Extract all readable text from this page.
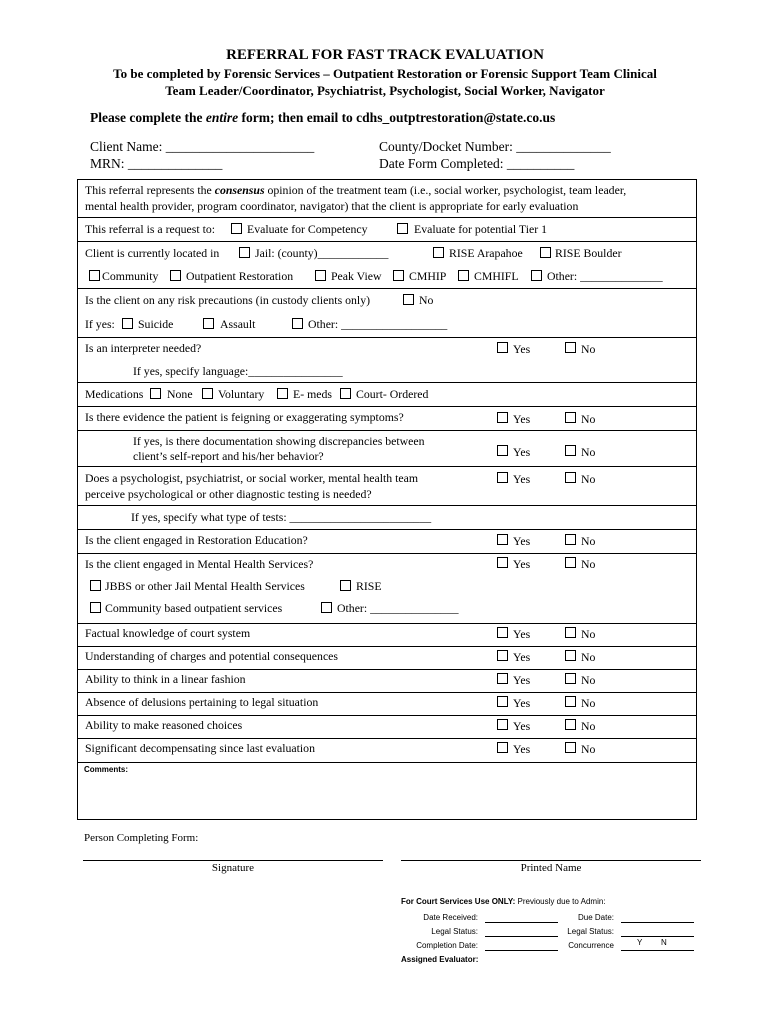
REFERRAL FOR FAST TRACK EVALUATION
To be completed by Forensic Services – Outpatient Restoration or Forensic Support Team Clinical
Team Leader/Coordinator, Psychiatrist, Psychologist, Social Worker, Navigator
Please complete the entire form; then email to cdhs_outptrestoration@state.co.us
Client Name: ______________________
MRN: ______________
County/Docket Number: ______________
Date Form Completed: __________
This referral represents the consensus opinion of the treatment team (i.e., social worker, psychologist, team leader,
mental health provider, program coordinator, navigator) that the client is appropriate for early evaluation
This referral is a request to:	Evaluate for Competency	Evaluate for potential Tier 1
Client is currently located in	Jail: (county)____________	RISE Arapahoe	RISE Boulder
Community Outpatient Restoration	Peak View CMHIP CMHIFL Other: ______________
Is the client on any risk precautions (in custody clients only)	No
If yes: Suicide	Assault	Other: __________________
Is an interpreter needed?	Yes	No
If yes, specify language:________________
Medications None Voluntary E- meds Court- Ordered
Is there evidence the patient is feigning or exaggerating symptoms?	Yes	No
If yes, is there documentation showing discrepancies between
client’s self-report and his/her behavior?	Yes	No
Does a psychologist, psychiatrist, or social worker, mental health team
perceive psychological or other diagnostic testing is needed?
Yes	No
If yes, specify what type of tests: ________________________
Is the client engaged in Restoration Education?	Yes	No
Is the client engaged in Mental Health Services?	Yes	No
JBBS or other Jail Mental Health Services	RISE
Community based outpatient services	Other: _______________
Factual knowledge of court system	Yes	No
Understanding of charges and potential consequences	Yes	No
Ability to think in a linear fashion	Yes	No
Absence of delusions pertaining to legal situation	Yes	No
Ability to make reasoned choices	Yes	No
Significant decompensating since last evaluation	Yes	No
Comments:
Person Completing Form:
Signature	Printed Name
For Court Services Use ONLY: Previously due to Admin:
Date Received:
Legal Status:
Completion Date:
Assigned Evaluator:
Due Date:
Legal Status:
Concurrence	Y N
